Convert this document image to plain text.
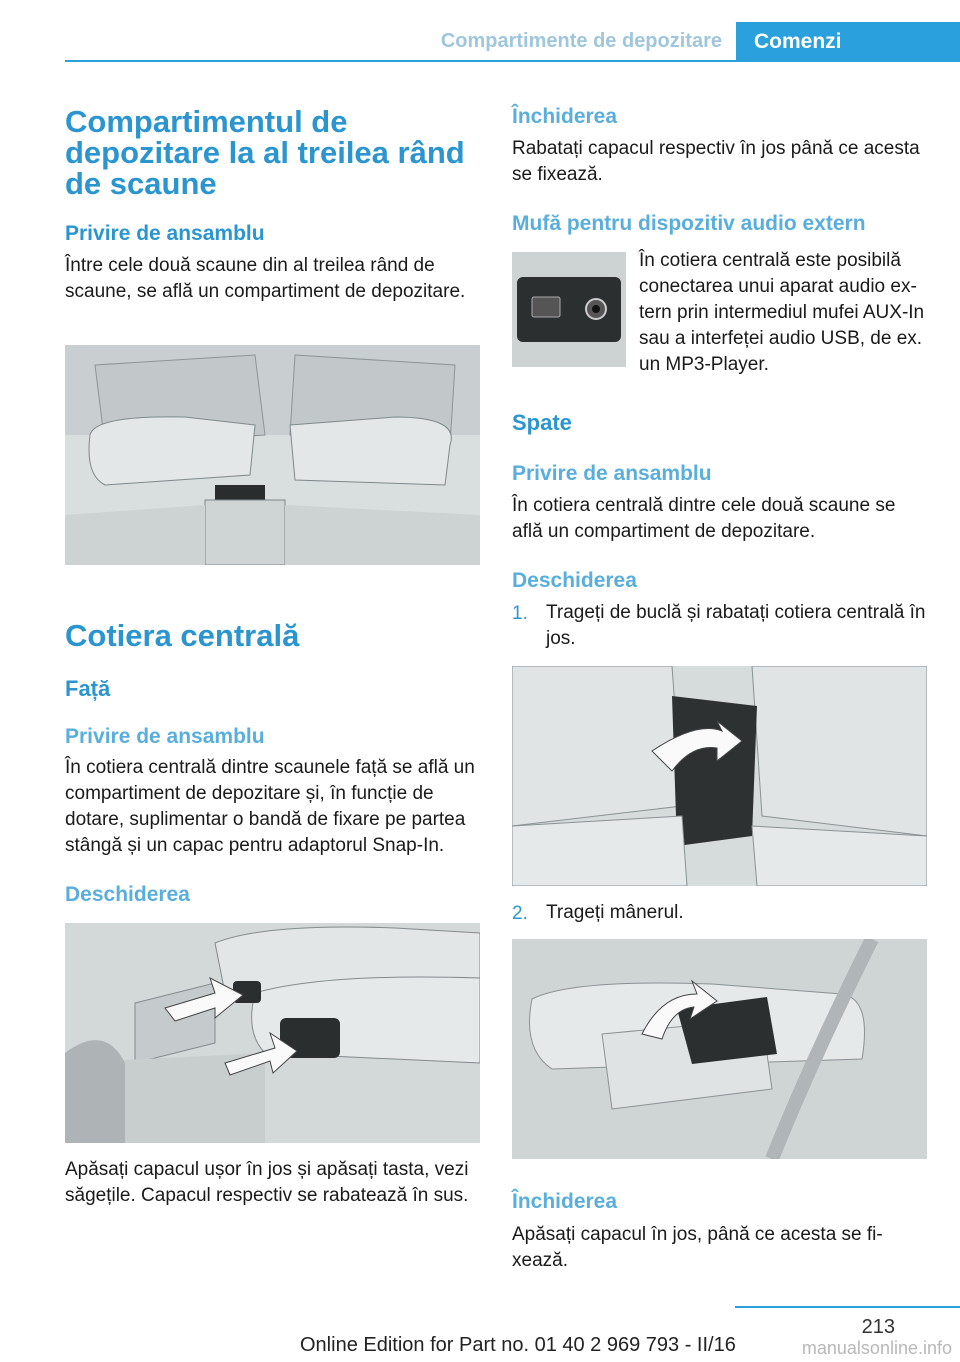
Compartimente de depozitare	Comenzi
Compartimentul de depozitare la al treilea rând de scaune
Privire de ansamblu
Între cele două scaune din al treilea rând de scaune, se află un compartiment de depozitare.
Cotiera centrală
Față
Privire de ansamblu
În cotiera centrală dintre scaunele față se află un compartiment de depozitare și, în funcție de dotare, suplimentar o bandă de fixare pe partea stângă și un capac pentru adaptorul Snap-In.
Deschiderea
Apăsați capacul ușor în jos și apăsați tasta, vezi săgețile. Capacul respectiv se rabatează în sus.
Închiderea
Rabatați capacul respectiv în jos până ce acesta se fixează.
Mufă pentru dispozitiv audio extern
În cotiera centrală este posibilă conectarea unui aparat audio extern prin intermediul mufei AUX-In sau a interfeței audio USB, de ex. un MP3-Player.
Spate
Privire de ansamblu
În cotiera centrală dintre cele două scaune se află un compartiment de depozitare.
Deschiderea
1. Trageți de buclă și rabatați cotiera centrală în jos.
2. Trageți mânerul.
Închiderea
Apăsați capacul în jos, până ce acesta se fixează.
213
Online Edition for Part no. 01 40 2 969 793 - II/16	manualsonline.info
